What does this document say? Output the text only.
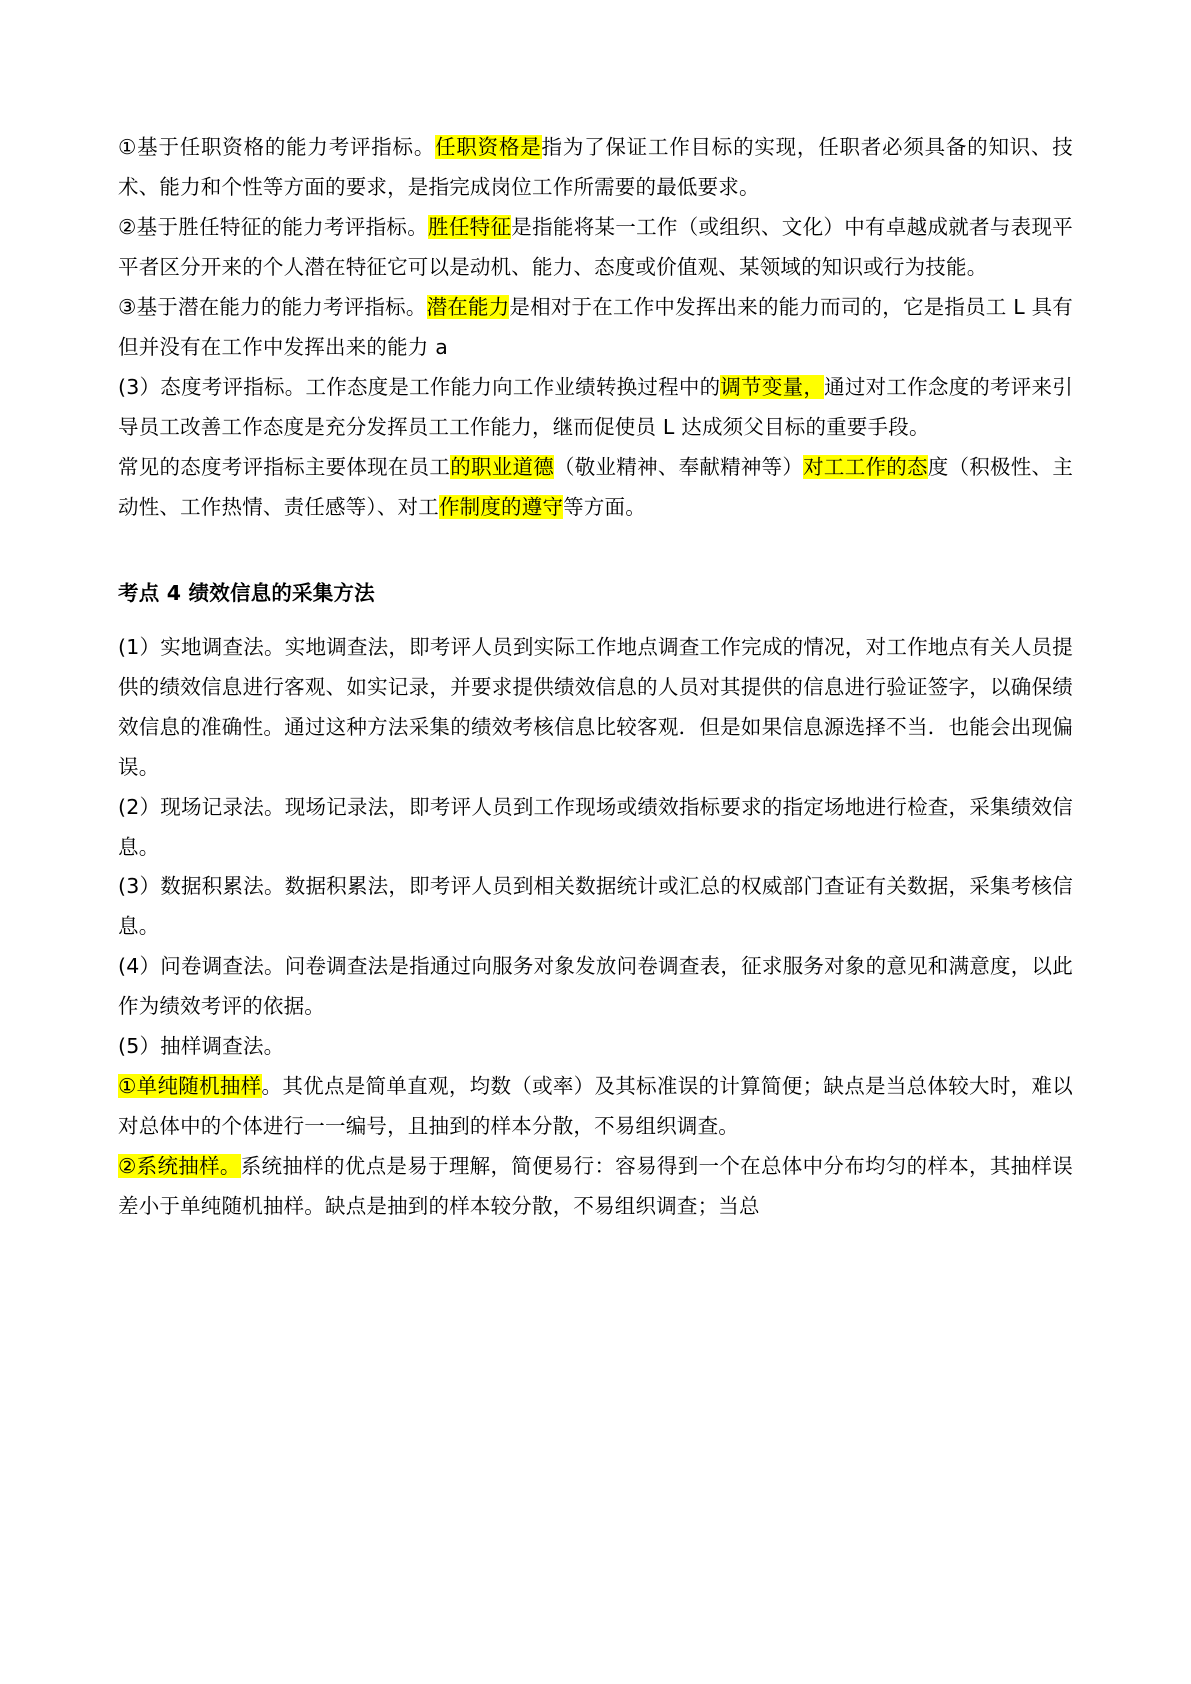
①基于任职资格的能力考评指标。任职资格是指为了保证工作目标的实现，任职者必须具备的知识、技术、能力和个性等方面的要求，是指完成岗位工作所需要的最低要求。

②基于胜任特征的能力考评指标。胜任特征是指能将某一工作（或组织、文化）中有卓越成就者与表现平平者区分开来的个人潜在特征它可以是动机、能力、态度或价值观、某领域的知识或行为技能。

③基于潜在能力的能力考评指标。潜在能力是相对于在工作中发挥出来的能力而司的，它是指员工 L 具有但并没有在工作中发挥出来的能力 a

(3）态度考评指标。工作态度是工作能力向工作业绩转换过程中的调节变量，通过对工作念度的考评来引导员工改善工作态度是充分发挥员工工作能力，继而促使员 L 达成须父目标的重要手段。

常见的态度考评指标主要体现在员工的职业道德（敬业精神、奉献精神等）对工工作的态度（积极性、主动性、工作热情、责任感等）、对工作制度的遵守等方面。

考点 4 绩效信息的采集方法

(1）实地调查法。实地调查法，即考评人员到实际工作地点调查工作完成的情况，对工作地点有关人员提供的绩效信息进行客观、如实记录，并要求提供绩效信息的人员对其提供的信息进行验证签字，以确保绩效信息的准确性。通过这种方法采集的绩效考核信息比较客观．但是如果信息源选择不当．也能会出现偏误。

(2）现场记录法。现场记录法，即考评人员到工作现场或绩效指标要求的指定场地进行检查，采集绩效信息。

(3）数据积累法。数据积累法，即考评人员到相关数据统计或汇总的权威部门查证有关数据，采集考核信息。

(4）问卷调查法。问卷调查法是指通过向服务对象发放问卷调查表，征求服务对象的意见和满意度，以此作为绩效考评的依据。

(5）抽样调查法。

①单纯随机抽样。其优点是简单直观，均数（或率）及其标准误的计算简便；缺点是当总体较大时，难以对总体中的个体进行一一编号，且抽到的样本分散，不易组织调查。

②系统抽样。系统抽样的优点是易于理解，简便易行：容易得到一个在总体中分布均匀的样本，其抽样误差小于单纯随机抽样。缺点是抽到的样本较分散，不易组织调查；当总
